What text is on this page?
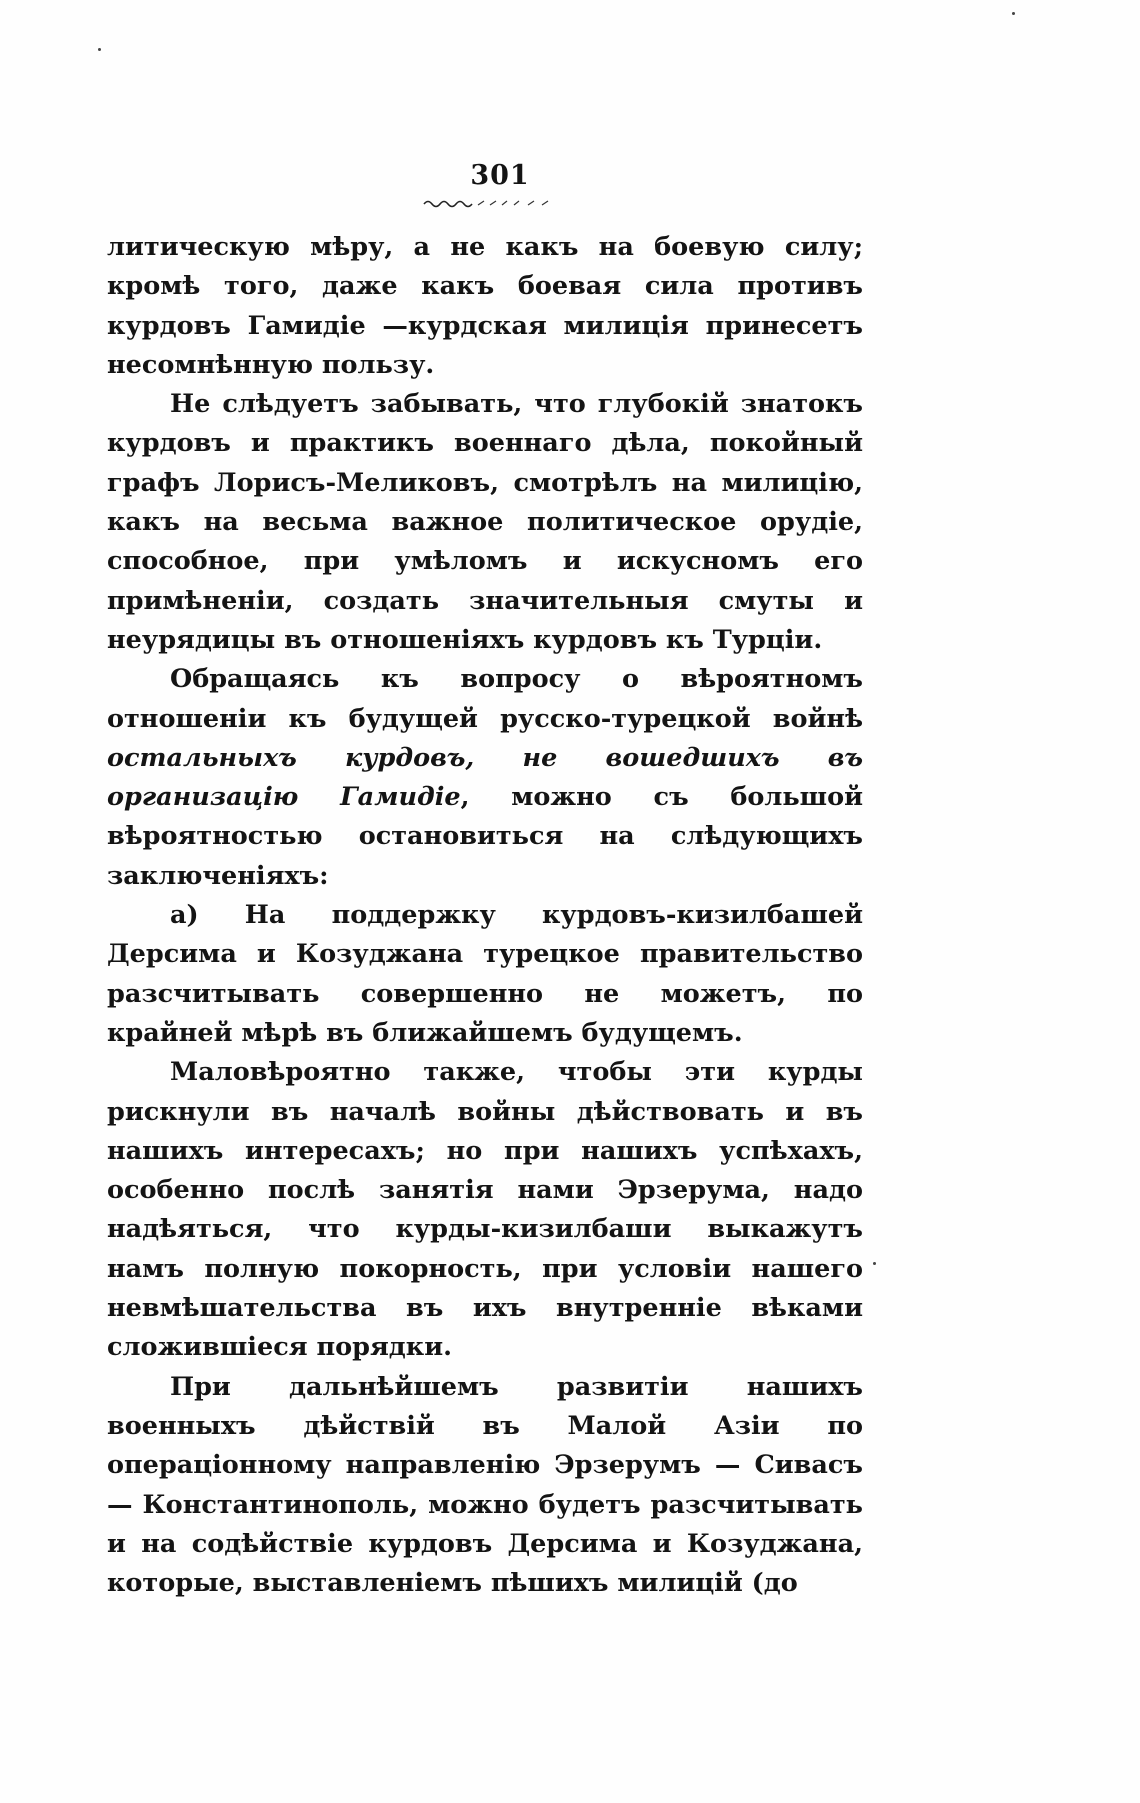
301

литическую мѣру, а не какъ на боевую силу; кромѣ того, даже какъ боевая сила противъ курдовъ Гамидіе —курдская милиція принесетъ несомнѣнную пользу.

Не слѣдуетъ забывать, что глубокій знатокъ курдовъ и практикъ военнаго дѣла, покойный графъ Лорисъ-Меликовъ, смотрѣлъ на милицію, какъ на весьма важное политическое орудіе, способное, при умѣломъ и искусномъ его примѣненіи, создать значительныя смуты и неурядицы въ отношеніяхъ курдовъ къ Турціи.

Обращаясь къ вопросу о вѣроятномъ отношеніи къ будущей русско-турецкой войнѣ остальныхъ курдовъ, не вошедшихъ въ организацію Гамидіе, можно съ большой вѣроятностью остановиться на слѣдующихъ заключеніяхъ:

а) На поддержку курдовъ-кизилбашей Дерсима и Козуджана турецкое правительство разсчитывать совершенно не можетъ, по крайней мѣрѣ въ ближайшемъ будущемъ.

Маловѣроятно также, чтобы эти курды рискнули въ началѣ войны дѣйствовать и въ нашихъ интересахъ; но при нашихъ успѣхахъ, особенно послѣ занятія нами Эрзерума, надо надѣяться, что курды-кизилбаши выкажутъ намъ полную покорность, при условіи нашего невмѣшательства въ ихъ внутренніе вѣками сложившіеся порядки.

При дальнѣйшемъ развитіи нашихъ военныхъ дѣйствій въ Малой Азіи по операціонному направленію Эрзерумъ — Сивасъ — Константинополь, можно будетъ разсчитывать и на содѣйствіе курдовъ Дерсима и Козуджана, которые, выставленіемъ пѣшихъ милицій (до
